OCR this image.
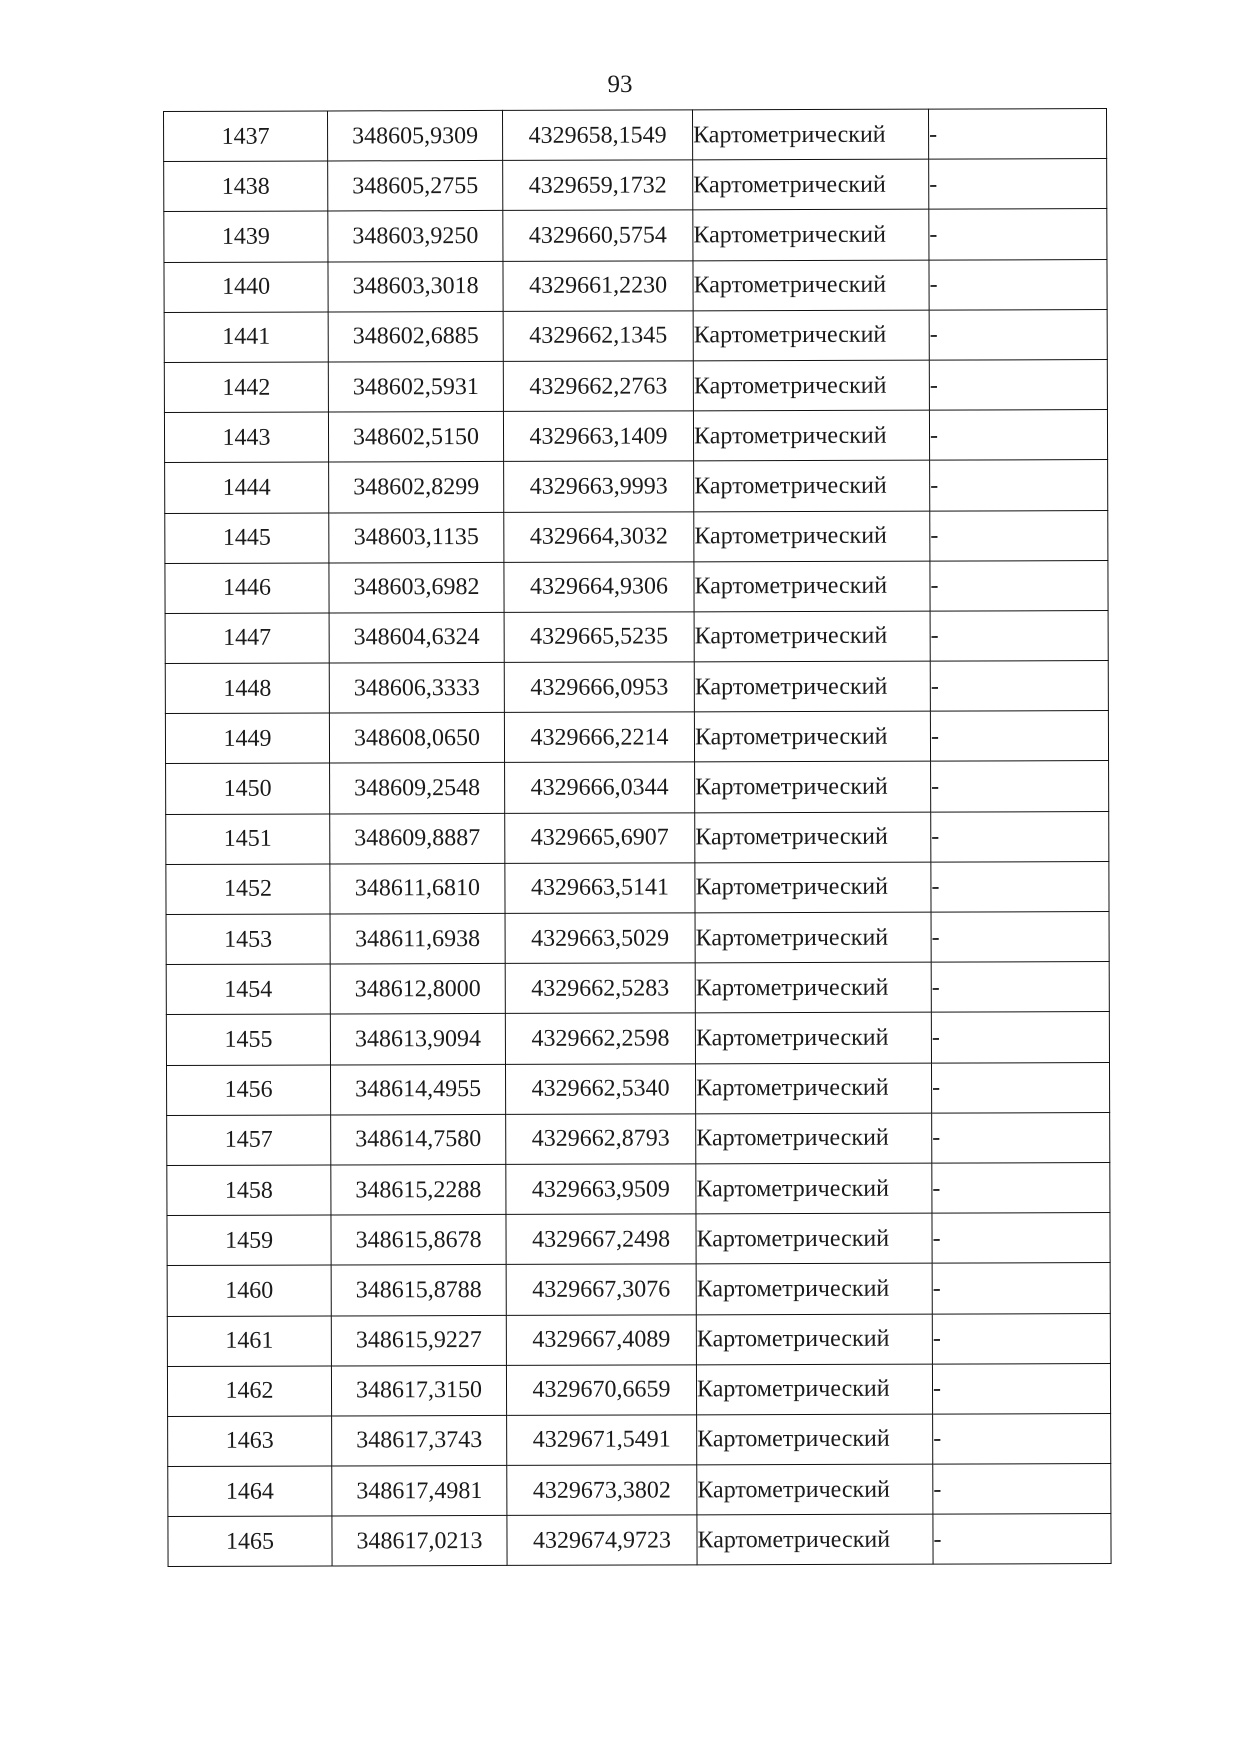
93
1437	348605,9309	4329658,1549	Картометрический	-
1438	348605,2755	4329659,1732	Картометрический	-
1439	348603,9250	4329660,5754	Картометрический	-
1440	348603,3018	4329661,2230	Картометрический	-
1441	348602,6885	4329662,1345	Картометрический	-
1442	348602,5931	4329662,2763	Картометрический	-
1443	348602,5150	4329663,1409	Картометрический	-
1444	348602,8299	4329663,9993	Картометрический	-
1445	348603,1135	4329664,3032	Картометрический	-
1446	348603,6982	4329664,9306	Картометрический	-
1447	348604,6324	4329665,5235	Картометрический	-
1448	348606,3333	4329666,0953	Картометрический	-
1449	348608,0650	4329666,2214	Картометрический	-
1450	348609,2548	4329666,0344	Картометрический	-
1451	348609,8887	4329665,6907	Картометрический	-
1452	348611,6810	4329663,5141	Картометрический	-
1453	348611,6938	4329663,5029	Картометрический	-
1454	348612,8000	4329662,5283	Картометрический	-
1455	348613,9094	4329662,2598	Картометрический	-
1456	348614,4955	4329662,5340	Картометрический	-
1457	348614,7580	4329662,8793	Картометрический	-
1458	348615,2288	4329663,9509	Картометрический	-
1459	348615,8678	4329667,2498	Картометрический	-
1460	348615,8788	4329667,3076	Картометрический	-
1461	348615,9227	4329667,4089	Картометрический	-
1462	348617,3150	4329670,6659	Картометрический	-
1463	348617,3743	4329671,5491	Картометрический	-
1464	348617,4981	4329673,3802	Картометрический	-
1465	348617,0213	4329674,9723	Картометрический	-
